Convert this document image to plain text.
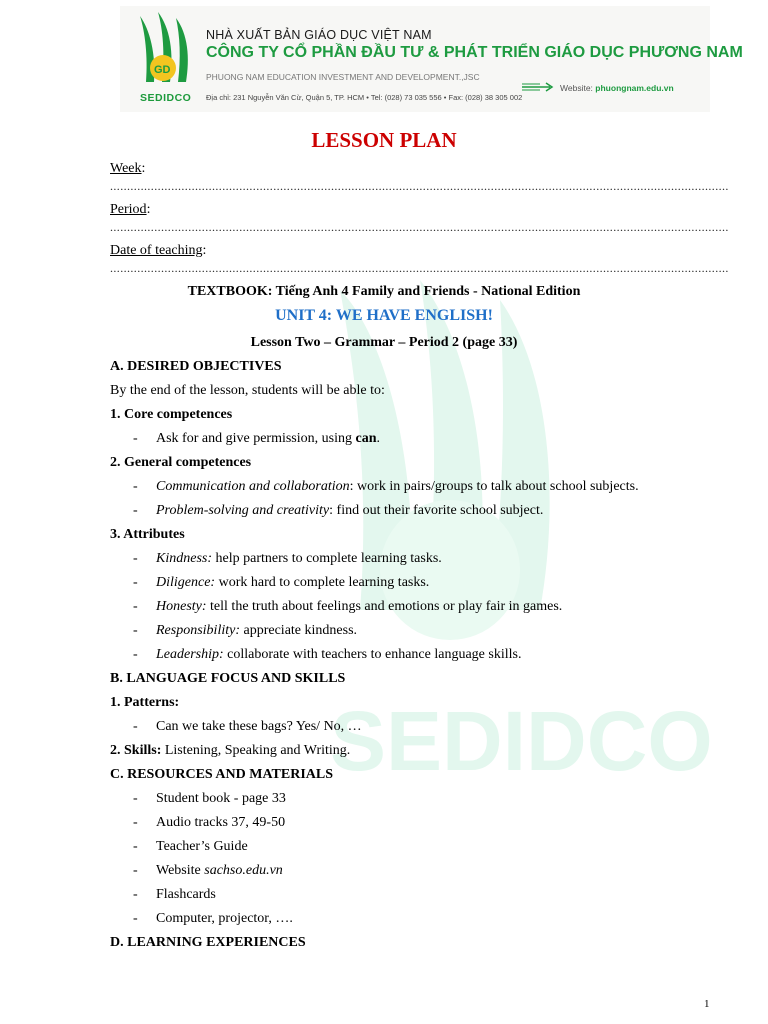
SEDIDCO
GD
SEDIDCO
NHÀ XUẤT BẢN GIÁO DỤC VIỆT NAM
CÔNG TY CỔ PHẦN ĐẦU TƯ & PHÁT TRIỂN GIÁO DỤC PHƯƠNG NAM
PHUONG NAM EDUCATION INVESTMENT AND DEVELOPMENT.,JSC
Website: phuongnam.edu.vn
Địa chỉ: 231 Nguyễn Văn Cừ, Quận 5, TP. HCM • Tel: (028) 73 035 556 • Fax: (028) 38 305 002
LESSON PLAN
Week:
......................................................................................................................................................................................
Period:
......................................................................................................................................................................................
Date of teaching:
......................................................................................................................................................................................
TEXTBOOK: Tiếng Anh 4 Family and Friends - National Edition
UNIT 4: WE HAVE ENGLISH!
Lesson Two – Grammar – Period 2 (page 33)
A. DESIRED OBJECTIVES
By the end of the lesson, students will be able to:
1. Core competences
- Ask for and give permission, using can.
2. General competences
- Communication and collaboration: work in pairs/groups to talk about school subjects.
- Problem-solving and creativity: find out their favorite school subject.
3. Attributes
- Kindness: help partners to complete learning tasks.
- Diligence: work hard to complete learning tasks.
- Honesty: tell the truth about feelings and emotions or play fair in games.
- Responsibility: appreciate kindness.
- Leadership: collaborate with teachers to enhance language skills.
B. LANGUAGE FOCUS AND SKILLS
1. Patterns:
- Can we take these bags? Yes/ No, …
2. Skills: Listening, Speaking and Writing.
C. RESOURCES AND MATERIALS
- Student book - page 33
- Audio tracks 37, 49-50
- Teacher’s Guide
- Website sachso.edu.vn
- Flashcards
- Computer, projector, ….
D. LEARNING EXPERIENCES
1
